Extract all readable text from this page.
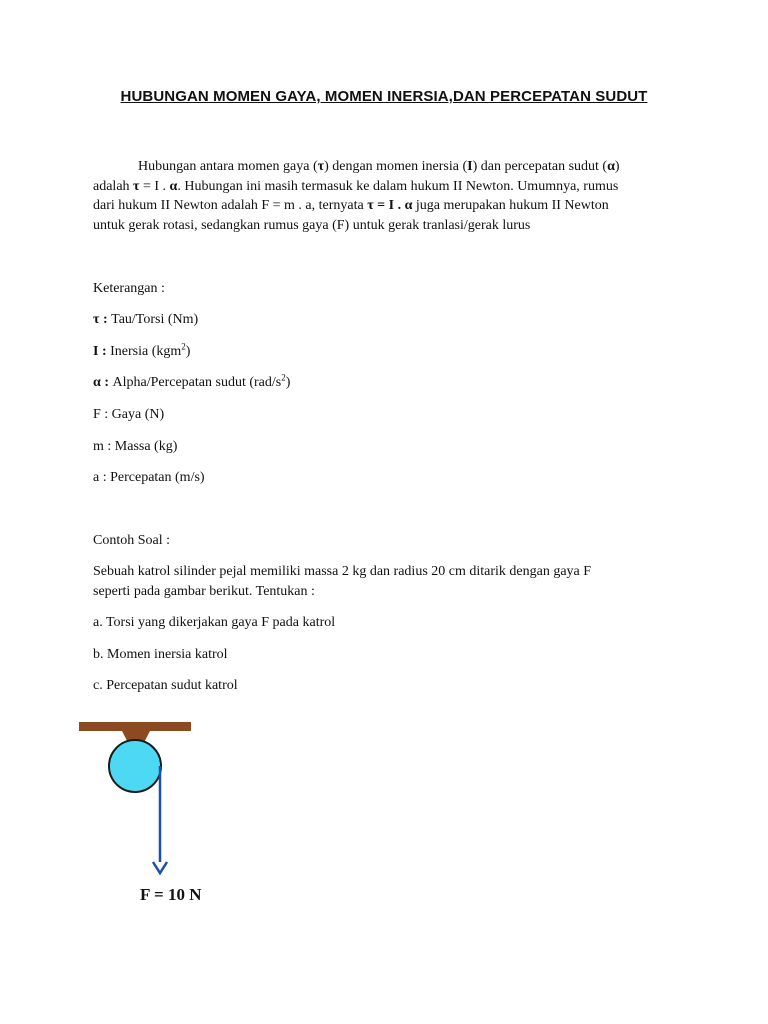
HUBUNGAN MOMEN GAYA, MOMEN INERSIA,DAN PERCEPATAN SUDUT
Hubungan antara momen gaya (τ) dengan momen inersia (I) dan percepatan sudut (α)
adalah τ = I . α. Hubungan ini masih termasuk ke dalam hukum II Newton. Umumnya, rumus
dari hukum II Newton adalah F = m . a, ternyata τ = I . α juga merupakan hukum II Newton
untuk gerak rotasi, sedangkan rumus gaya (F) untuk gerak tranlasi/gerak lurus
Keterangan :
τ : Tau/Torsi (Nm)
I : Inersia (kgm$^2$)
α : Alpha/Percepatan sudut $(rad/s^2)$
F : Gaya (N)
m : Massa (kg)
a : Percepatan (m/s)
Contoh Soal :
Sebuah katrol silinder pejal memiliki massa 2 kg dan radius 20 cm ditarik dengan gaya F
seperti pada gambar berikut. Tentukan :
a. Torsi yang dikerjakan gaya F pada katrol
b. Momen inersia katrol
c. Percepatan sudut katrol
F = 10 N
